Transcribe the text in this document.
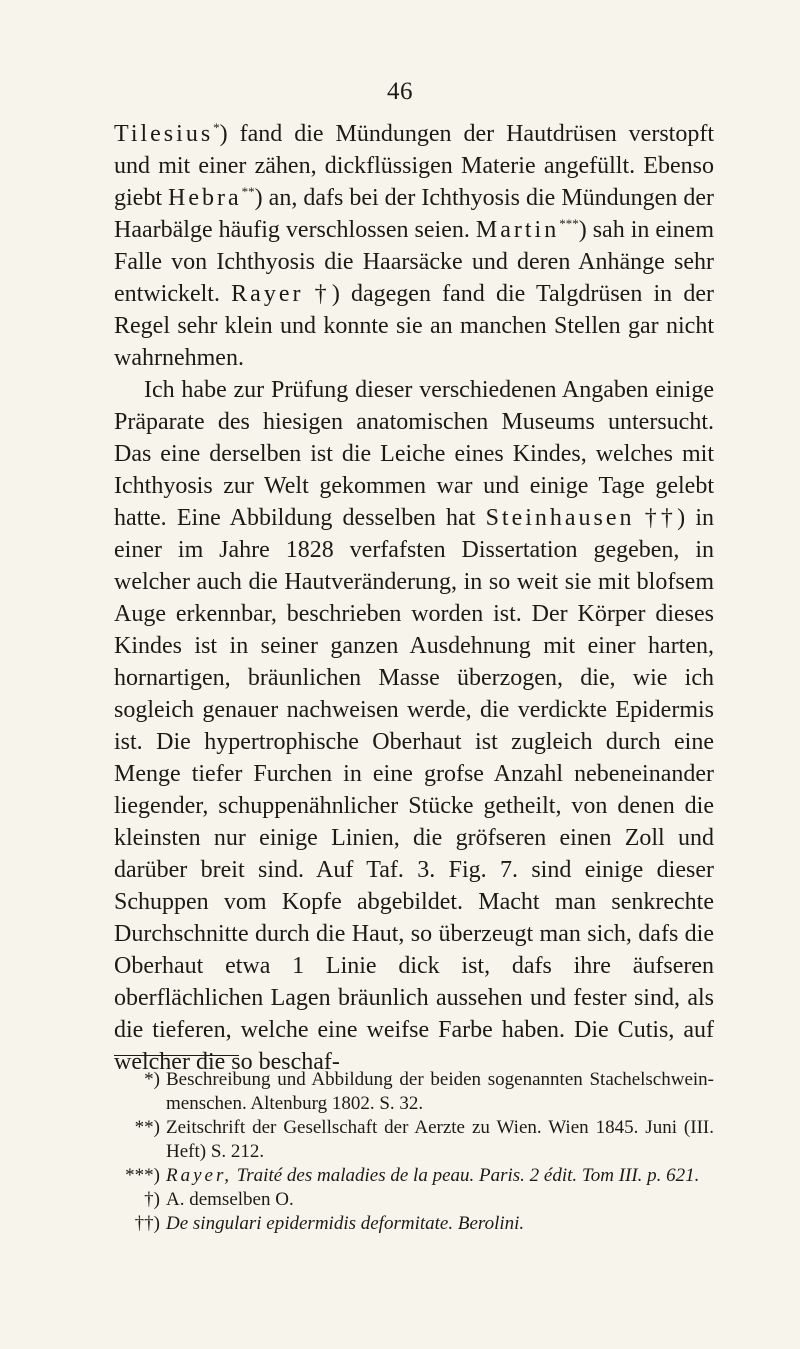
46

Tilesius*) fand die Mündungen der Hautdrüsen verstopft und mit einer zähen, dickflüssigen Materie angefüllt. Ebenso giebt Hebra**) an, dafs bei der Ichthyosis die Mündungen der Haarbälge häufig verschlossen seien. Martin***) sah in einem Falle von Ichthyosis die Haarsäcke und deren Anhänge sehr entwickelt. Rayer †) dagegen fand die Talgdrüsen in der Regel sehr klein und konnte sie an manchen Stellen gar nicht wahrnehmen.

Ich habe zur Prüfung dieser verschiedenen Angaben einige Präparate des hiesigen anatomischen Museums untersucht. Das eine derselben ist die Leiche eines Kindes, welches mit Ichthyosis zur Welt gekommen war und einige Tage gelebt hatte. Eine Abbildung desselben hat Steinhausen ††) in einer im Jahre 1828 verfafsten Dissertation gegeben, in welcher auch die Hautveränderung, in so weit sie mit blofsem Auge erkennbar, beschrieben worden ist. Der Körper dieses Kindes ist in seiner ganzen Ausdehnung mit einer harten, hornartigen, bräunlichen Masse überzogen, die, wie ich sogleich genauer nachweisen werde, die verdickte Epidermis ist. Die hypertrophische Oberhaut ist zugleich durch eine Menge tiefer Furchen in eine grofse Anzahl nebeneinander liegender, schuppenähnlicher Stücke getheilt, von denen die kleinsten nur einige Linien, die gröfseren einen Zoll und darüber breit sind. Auf Taf. 3. Fig. 7. sind einige dieser Schuppen vom Kopfe abgebildet. Macht man senkrechte Durchschnitte durch die Haut, so überzeugt man sich, dafs die Oberhaut etwa 1 Linie dick ist, dafs ihre äufseren oberflächlichen Lagen bräunlich aussehen und fester sind, als die tieferen, welche eine weifse Farbe haben. Die Cutis, auf welcher die so beschaf-

*) Beschreibung und Abbildung der beiden sogenannten Stachelschwein-menschen. Altenburg 1802. S. 32.
**) Zeitschrift der Gesellschaft der Aerzte zu Wien. Wien 1845. Juni (III. Heft) S. 212.
***) Rayer, Traité des maladies de la peau. Paris. 2 édit. Tom III. p. 621.
†) A. demselben O.
††) De singulari epidermidis deformitate. Berolini.
